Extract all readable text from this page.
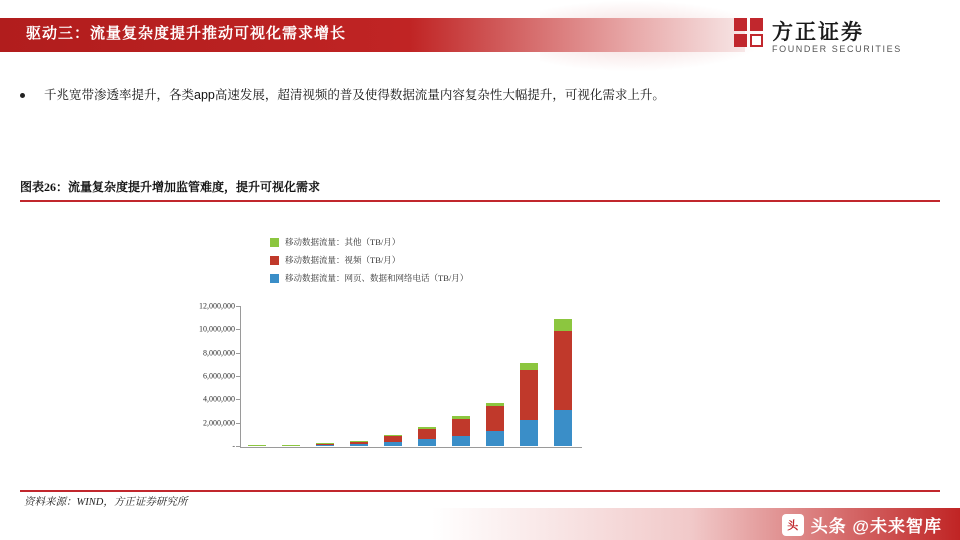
驱动三：流量复杂度提升推动可视化需求增长	方正证券
FOUNDER SECURITIES
千兆宽带渗透率提升，各类app高速发展，超清视频的普及使得数据流量内容复杂性大幅提升，可视化需求上升。
图表26：流量复杂度提升增加监管难度，提升可视化需求
移动数据流量：其他（TB/月）
移动数据流量：视频（TB/月）
移动数据流量：网页、数据和网络电话（TB/月）
-
2,000,000
4,000,000
6,000,000
8,000,000
10,000,000
12,000,000
资料来源：WIND，方正证券研究所
头 头条 @未来智库
